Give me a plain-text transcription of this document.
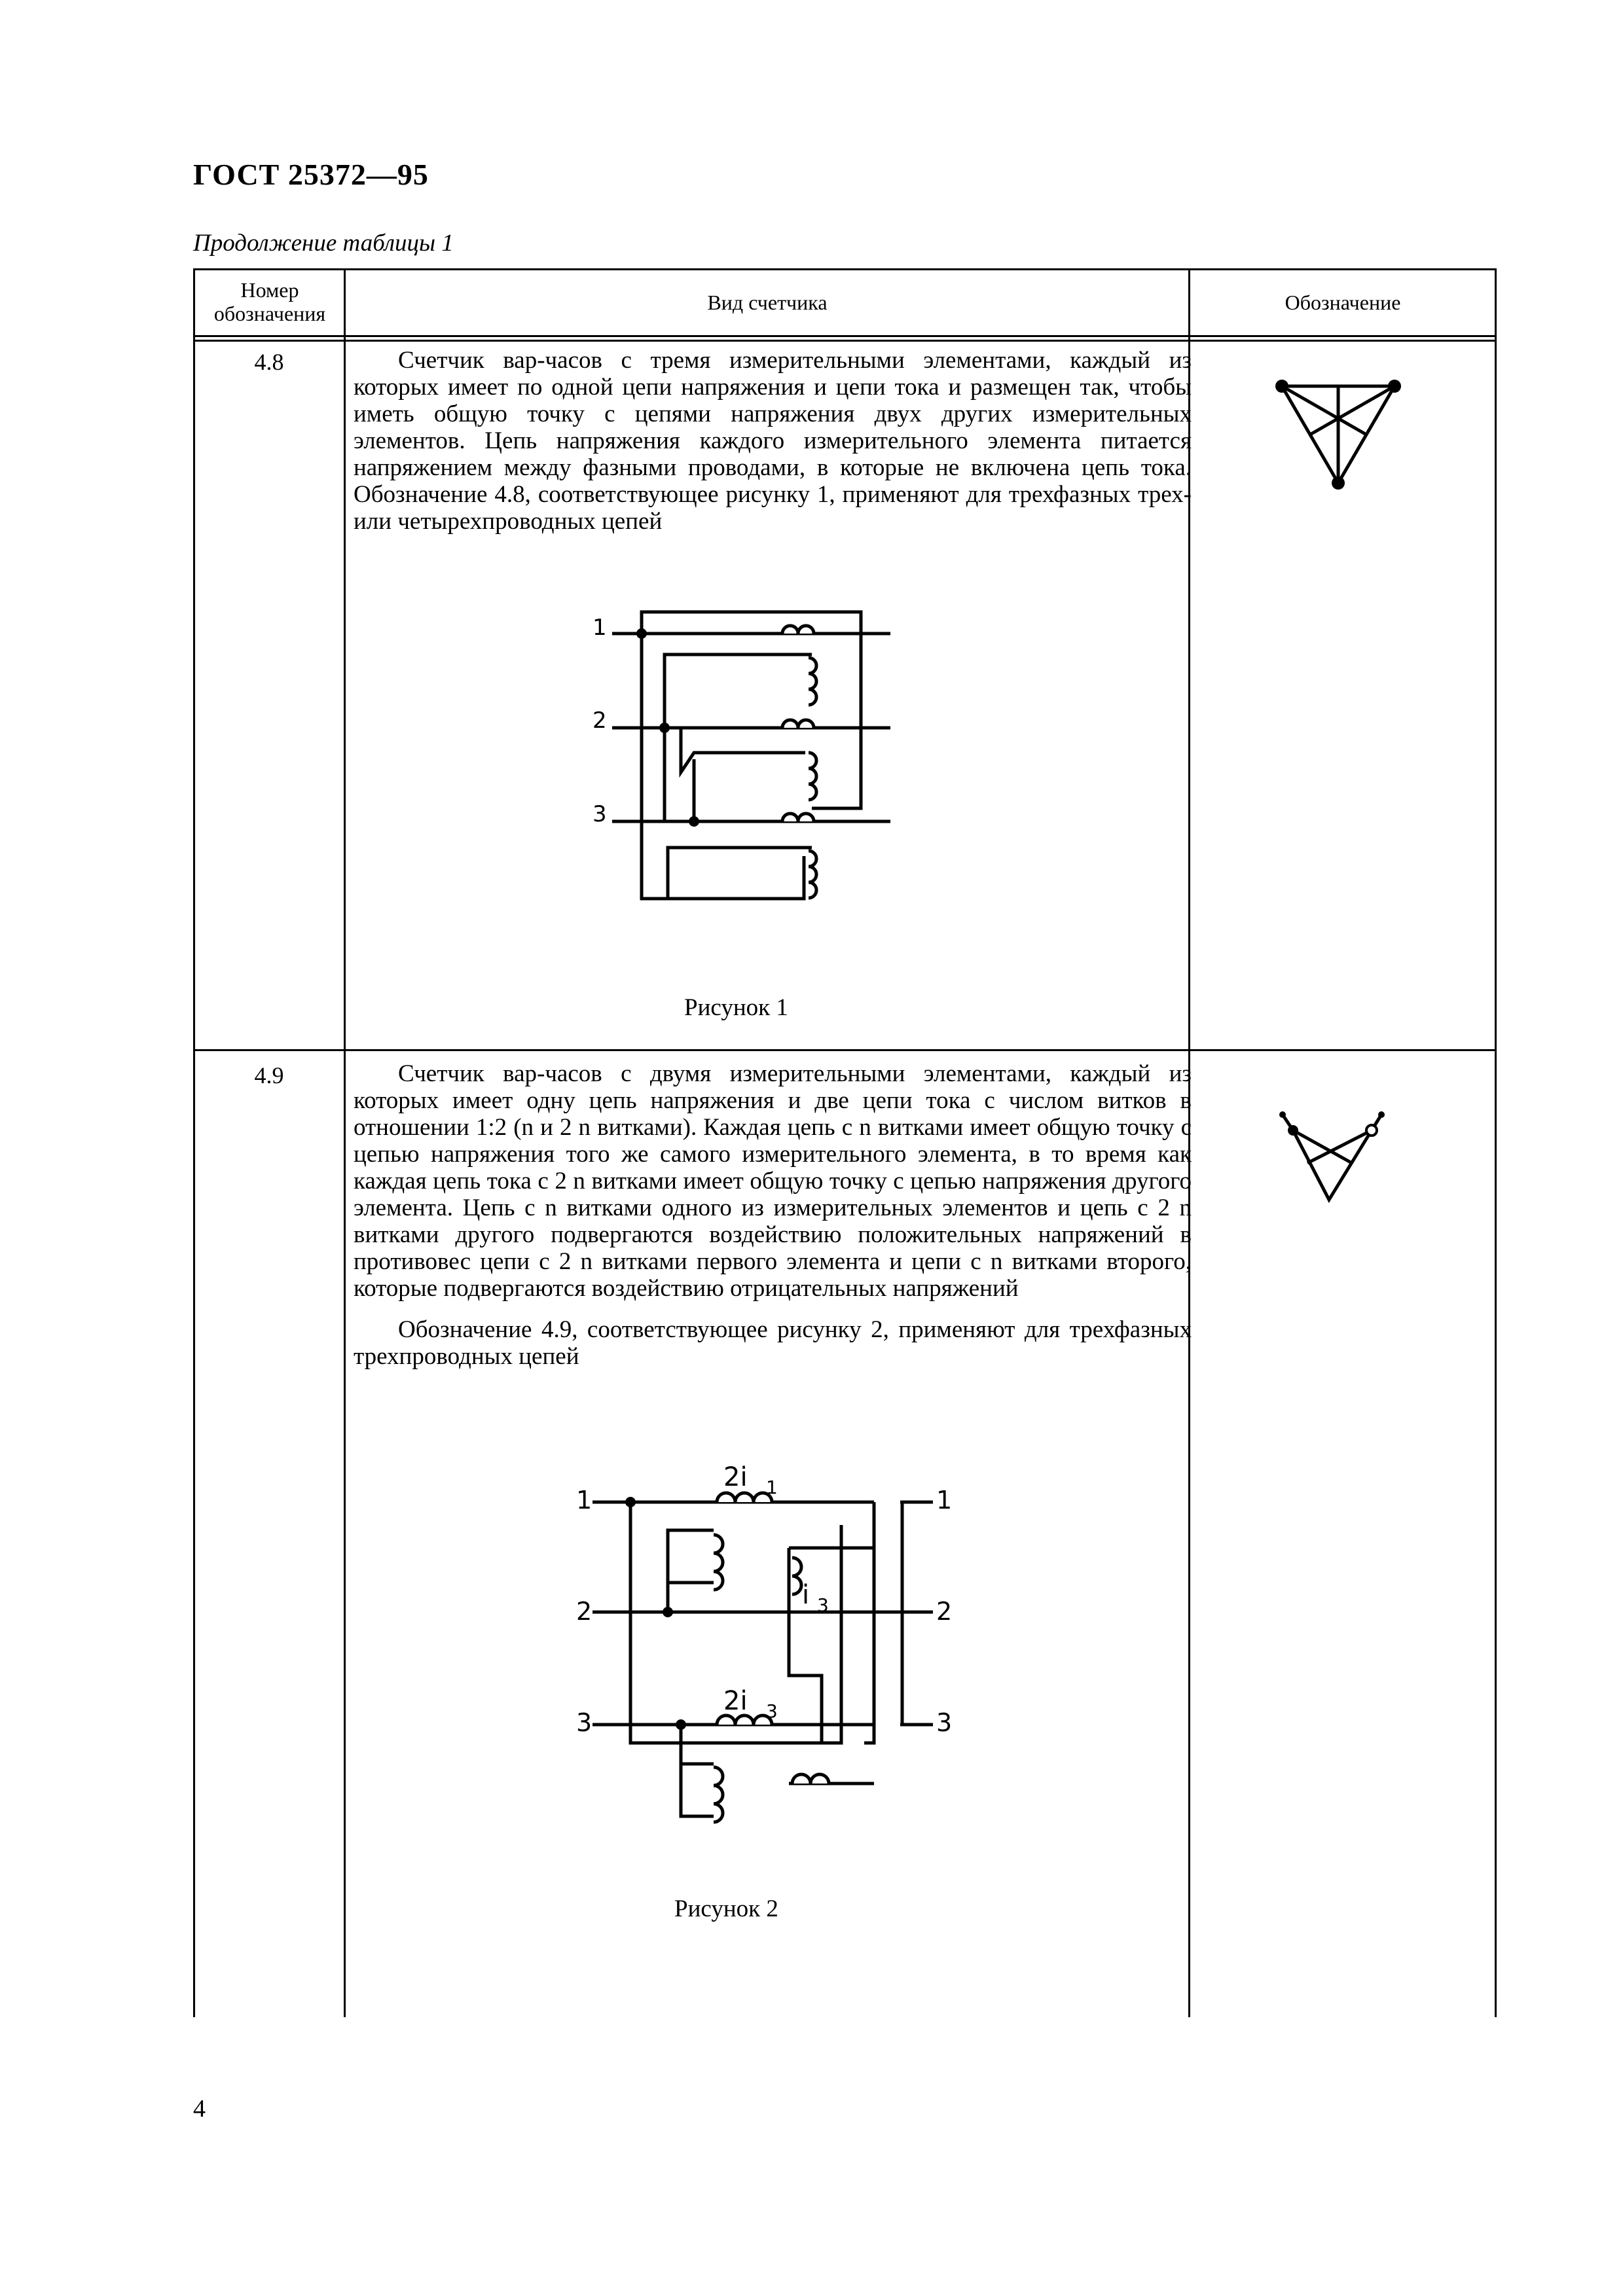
ГОСТ 25372—95
Продолжение таблицы 1
Номер обозначения	Вид счетчика	Обозначение
4.8	Счетчик вар-часов с тремя измерительными элементами, каждый из которых имеет по одной цепи напряжения и цепи тока и размещен так, чтобы иметь общую точку с цепями напряжения двух других измерительных элементов. Цепь напряжения каждого измерительного элемента питается напряжением между фазными проводами, в которые не включена цепь тока. Обозначение 4.8, соответствующее рисунку 1, применяют для трехфазных трех- или четырехпроводных цепей

1
2
3
Рисунок 1
4.9	Счетчик вар-часов с двумя измерительными элементами, каждый из которых имеет одну цепь напряжения и две цепи тока с числом витков в отношении 1:2 (n и 2 n витками). Каждая цепь с n витками имеет общую точку с цепью напряжения того же самого измерительного элемента, в то время как каждая цепь тока с 2 n витками имеет общую точку с цепью напряжения другого элемента. Цепь с n витками одного из измерительных элементов и цепь с 2 n витками другого подвергаются воздействию положительных напряжений в противовес цепи с 2 n витками первого элемента и цепи с n витками второго, которые подвергаются воздействию отрицательных напряжений

Обозначение 4.9, соответствующее рисунку 2, применяют для трехфазных трехпроводных цепей

1
2
3
1
2
3
2i 1
i 3
2i 3
Рисунок 2
4
